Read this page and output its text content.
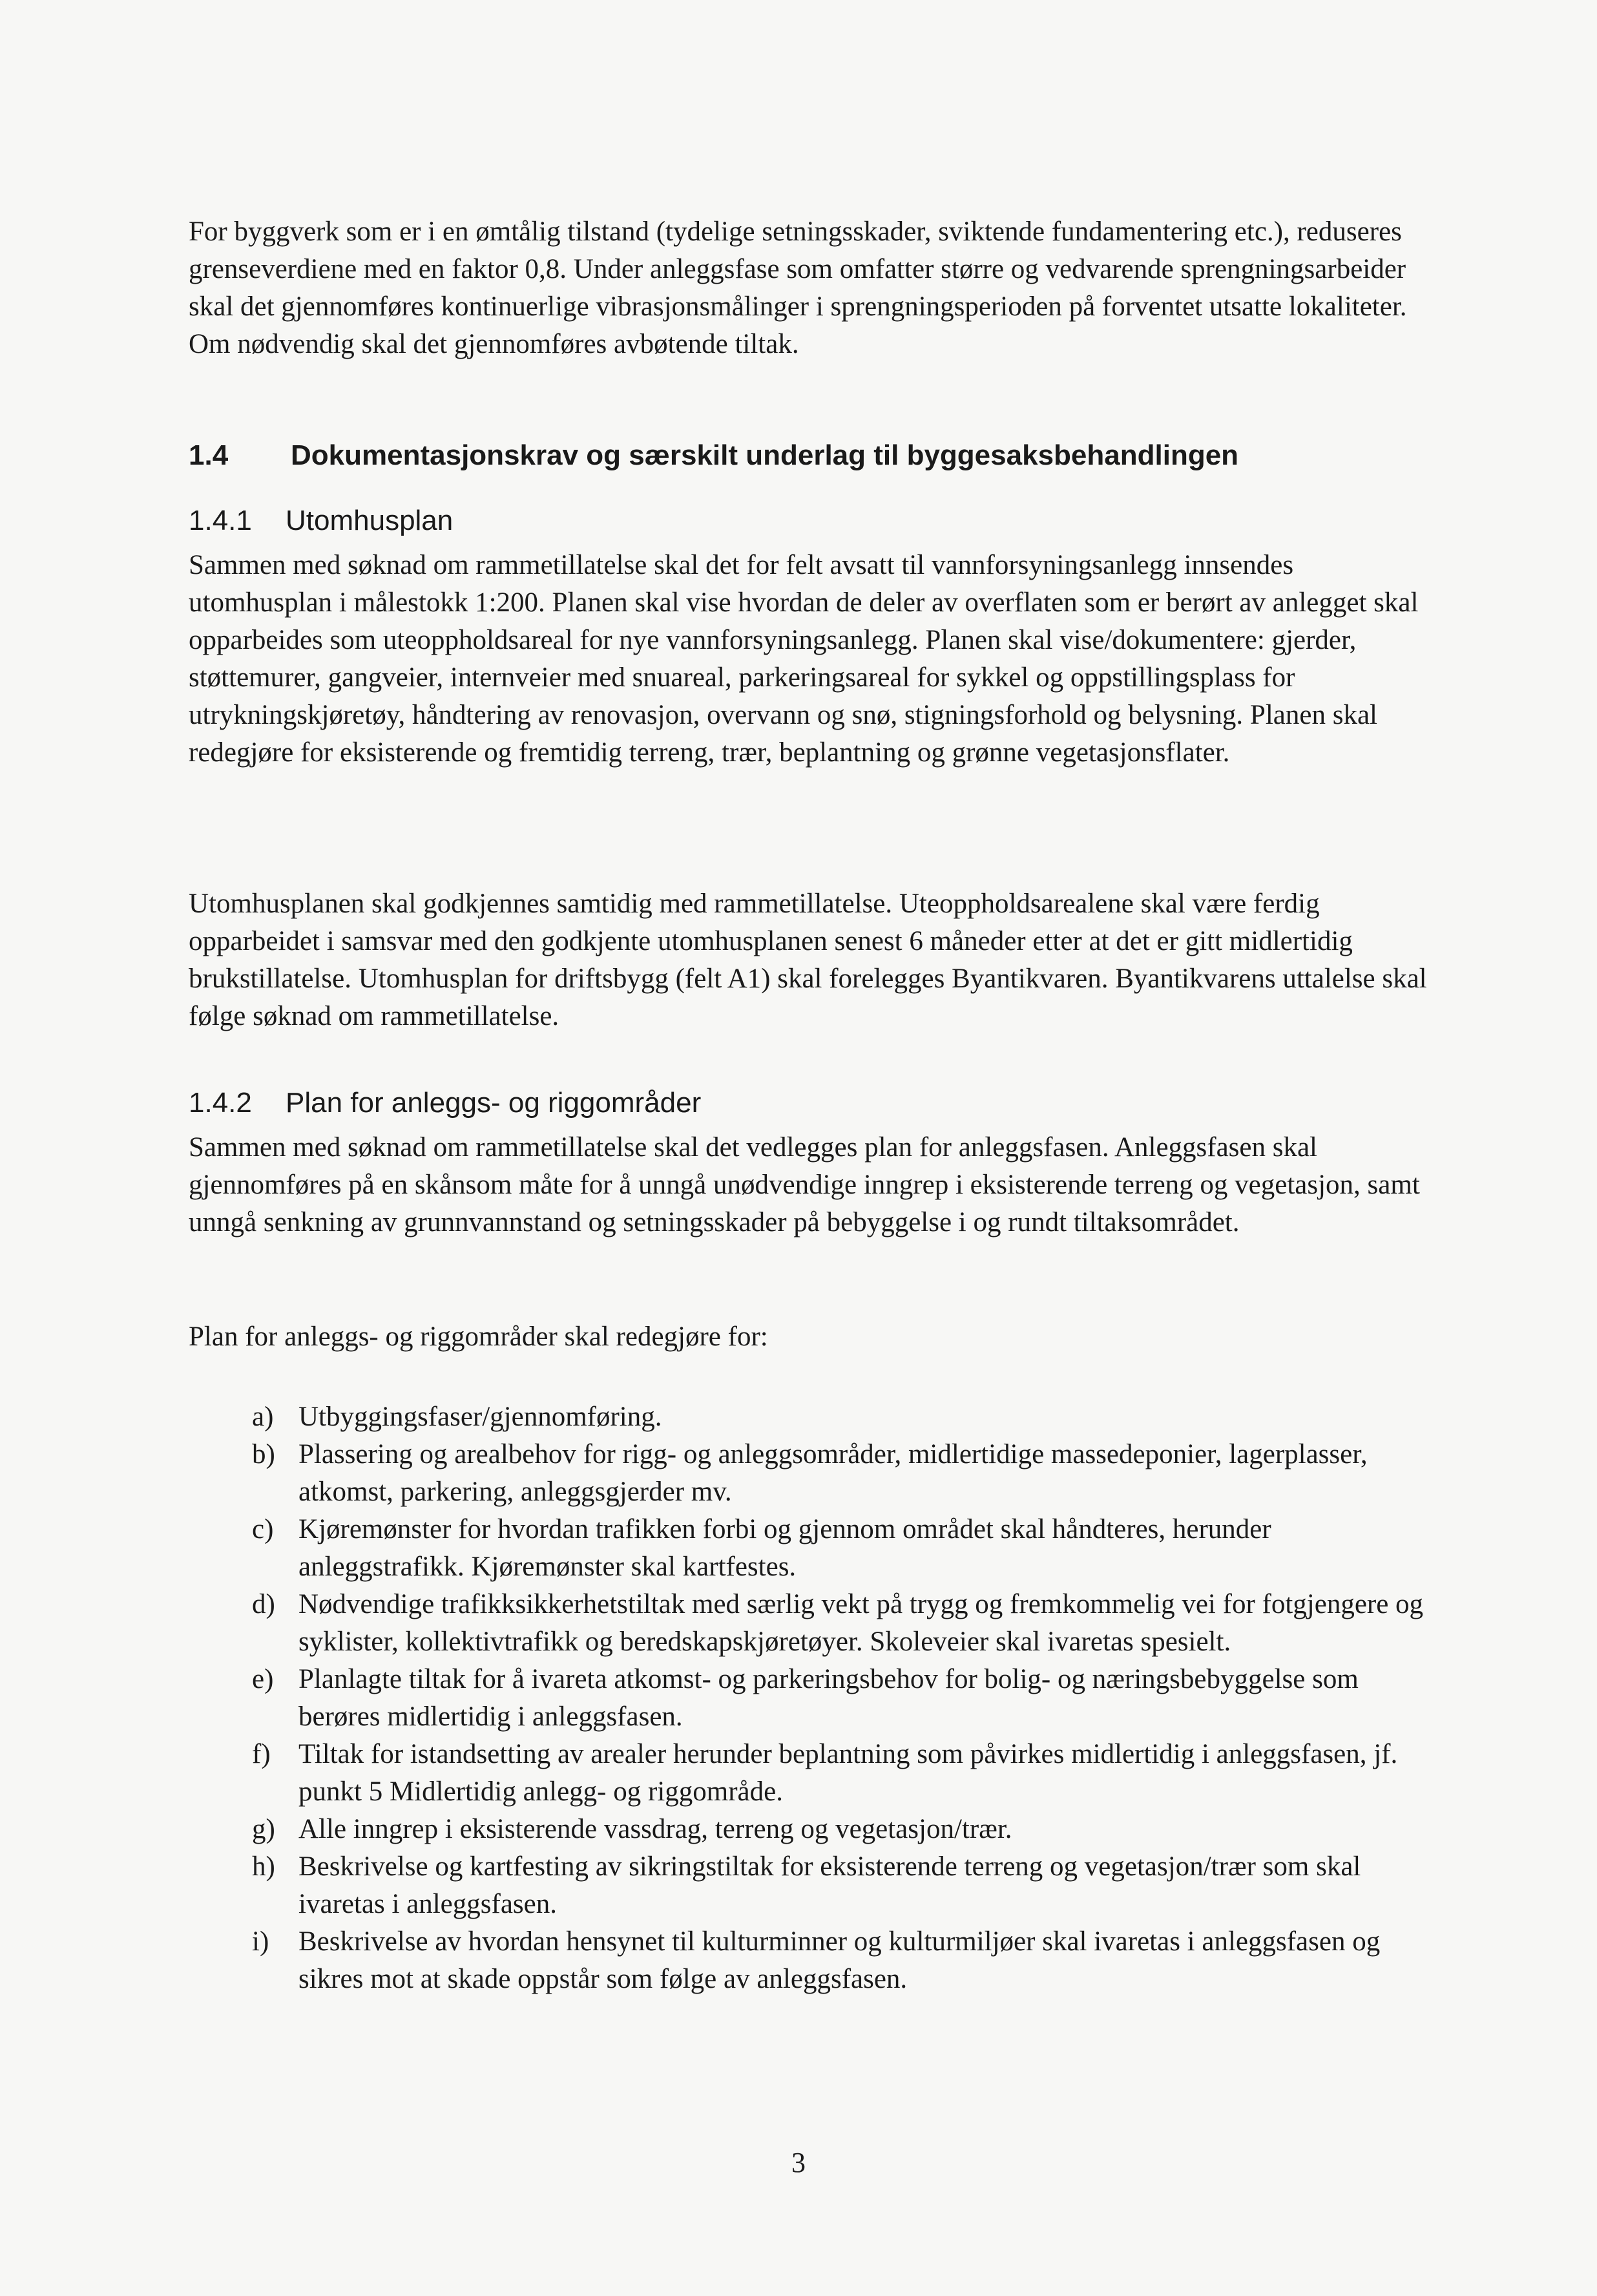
For byggverk som er i en ømtålig tilstand (tydelige setningsskader, sviktende fundamentering etc.), reduseres grenseverdiene med en faktor 0,8. Under anleggsfase som omfatter større og vedvarende sprengningsarbeider skal det gjennomføres kontinuerlige vibrasjonsmålinger i sprengningsperioden på forventet utsatte lokaliteter. Om nødvendig skal det gjennomføres avbøtende tiltak.

1.4 Dokumentasjonskrav og særskilt underlag til byggesaksbehandlingen
1.4.1 Utomhusplan

Sammen med søknad om rammetillatelse skal det for felt avsatt til vannforsyningsanlegg innsendes utomhusplan i målestokk 1:200. Planen skal vise hvordan de deler av overflaten som er berørt av anlegget skal opparbeides som uteoppholdsareal for nye vannforsyningsanlegg. Planen skal vise/dokumentere: gjerder, støttemurer, gangveier, internveier med snuareal, parkeringsareal for sykkel og oppstillingsplass for utrykningskjøretøy, håndtering av renovasjon, overvann og snø, stigningsforhold og belysning. Planen skal redegjøre for eksisterende og fremtidig terreng, trær, beplantning og grønne vegetasjonsflater.

Utomhusplanen skal godkjennes samtidig med rammetillatelse. Uteoppholdsarealene skal være ferdig opparbeidet i samsvar med den godkjente utomhusplanen senest 6 måneder etter at det er gitt midlertidig brukstillatelse. Utomhusplan for driftsbygg (felt A1) skal forelegges Byantikvaren. Byantikvarens uttalelse skal følge søknad om rammetillatelse.

1.4.2 Plan for anleggs- og riggområder

Sammen med søknad om rammetillatelse skal det vedlegges plan for anleggsfasen. Anleggsfasen skal gjennomføres på en skånsom måte for å unngå unødvendige inngrep i eksisterende terreng og vegetasjon, samt unngå senkning av grunnvannstand og setningsskader på bebyggelse i og rundt tiltaksområdet.

Plan for anleggs- og riggområder skal redegjøre for:

a) Utbyggingsfaser/gjennomføring.
b) Plassering og arealbehov for rigg- og anleggsområder, midlertidige massedeponier, lagerplasser, atkomst, parkering, anleggsgjerder mv.
c) Kjøremønster for hvordan trafikken forbi og gjennom området skal håndteres, herunder anleggstrafikk. Kjøremønster skal kartfestes.
d) Nødvendige trafikksikkerhetstiltak med særlig vekt på trygg og fremkommelig vei for fotgjengere og syklister, kollektivtrafikk og beredskapskjøretøyer. Skoleveier skal ivaretas spesielt.
e) Planlagte tiltak for å ivareta atkomst- og parkeringsbehov for bolig- og næringsbebyggelse som berøres midlertidig i anleggsfasen.
f) Tiltak for istandsetting av arealer herunder beplantning som påvirkes midlertidig i anleggsfasen, jf. punkt 5 Midlertidig anlegg- og riggområde.
g) Alle inngrep i eksisterende vassdrag, terreng og vegetasjon/trær.
h) Beskrivelse og kartfesting av sikringstiltak for eksisterende terreng og vegetasjon/trær som skal ivaretas i anleggsfasen.
i) Beskrivelse av hvordan hensynet til kulturminner og kulturmiljøer skal ivaretas i anleggsfasen og sikres mot at skade oppstår som følge av anleggsfasen.
3
